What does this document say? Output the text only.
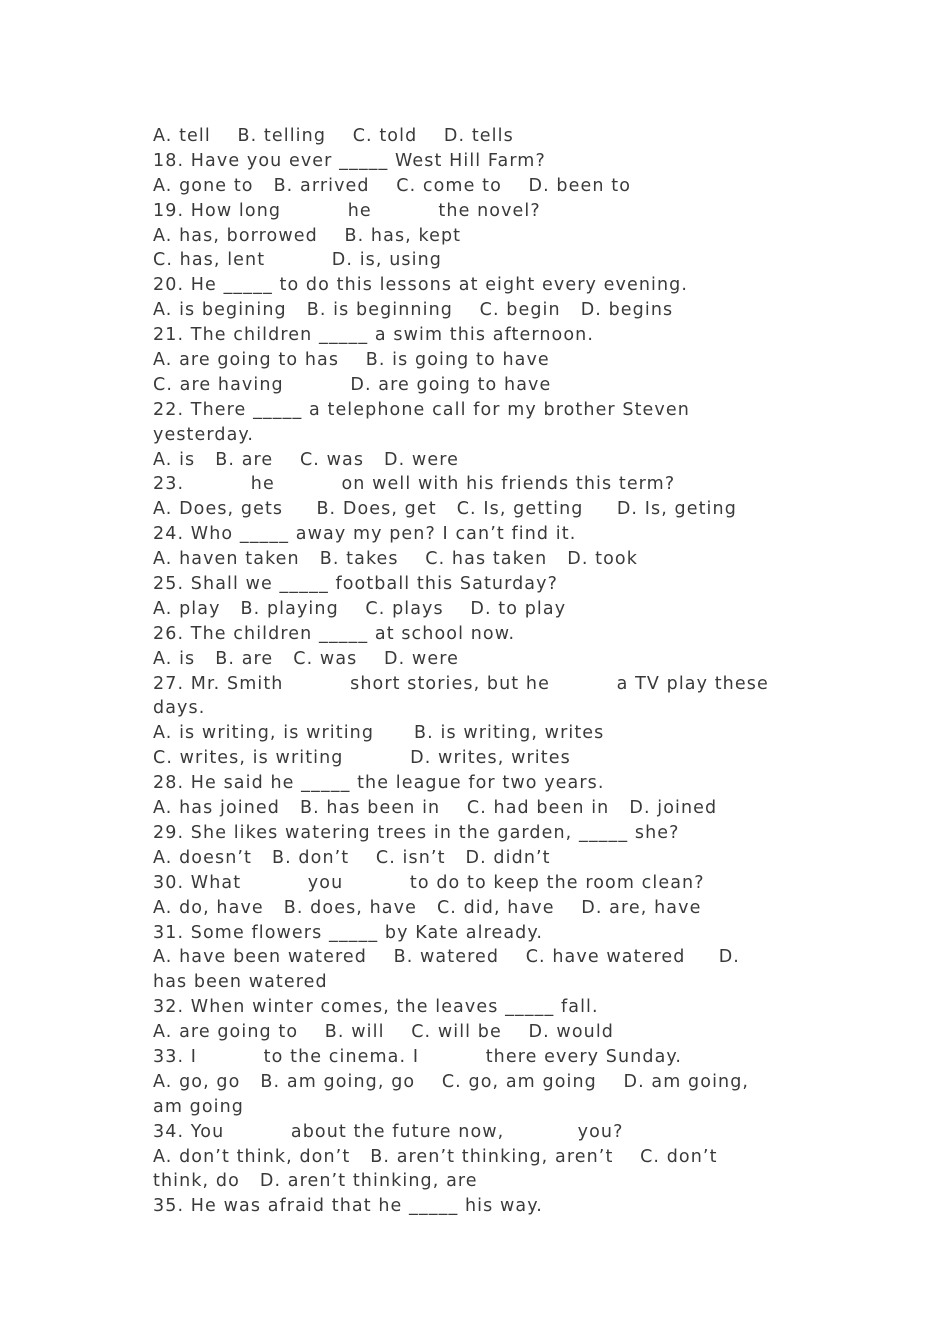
A. tell    B. telling    C. told    D. tells
18. Have you ever _____ West Hill Farm?
A. gone to   B. arrived    C. come to    D. been to
19. How long          he          the novel?
A. has, borrowed    B. has, kept
C. has, lent          D. is, using
20. He _____ to do this lessons at eight every evening.
A. is begining   B. is beginning    C. begin   D. begins
21. The children _____ a swim this afternoon.
A. are going to has    B. is going to have
C. are having          D. are going to have
22. There _____ a telephone call for my brother Steven
yesterday.
A. is   B. are    C. was   D. were
23.          he          on well with his friends this term?
A. Does, gets     B. Does, get   C. Is, getting     D. Is, geting
24. Who _____ away my pen? I can’t find it.
A. haven taken   B. takes    C. has taken   D. took
25. Shall we _____ football this Saturday?
A. play   B. playing    C. plays    D. to play
26. The children _____ at school now.
A. is   B. are   C. was    D. were
27. Mr. Smith          short stories, but he          a TV play these
days.
A. is writing, is writing      B. is writing, writes
C. writes, is writing          D. writes, writes
28. He said he _____ the league for two years.
A. has joined   B. has been in    C. had been in   D. joined
29. She likes watering trees in the garden, _____ she?
A. doesn’t   B. don’t    C. isn’t   D. didn’t
30. What          you          to do to keep the room clean?
A. do, have   B. does, have   C. did, have    D. are, have
31. Some flowers _____ by Kate already.
A. have been watered    B. watered    C. have watered     D.
has been watered
32. When winter comes, the leaves _____ fall.
A. are going to    B. will    C. will be    D. would
33. I          to the cinema. I          there every Sunday.
A. go, go   B. am going, go    C. go, am going    D. am going,
am going
34. You          about the future now,           you?
A. don’t think, don’t   B. aren’t thinking, aren’t    C. don’t
think, do   D. aren’t thinking, are
35. He was afraid that he _____ his way.
